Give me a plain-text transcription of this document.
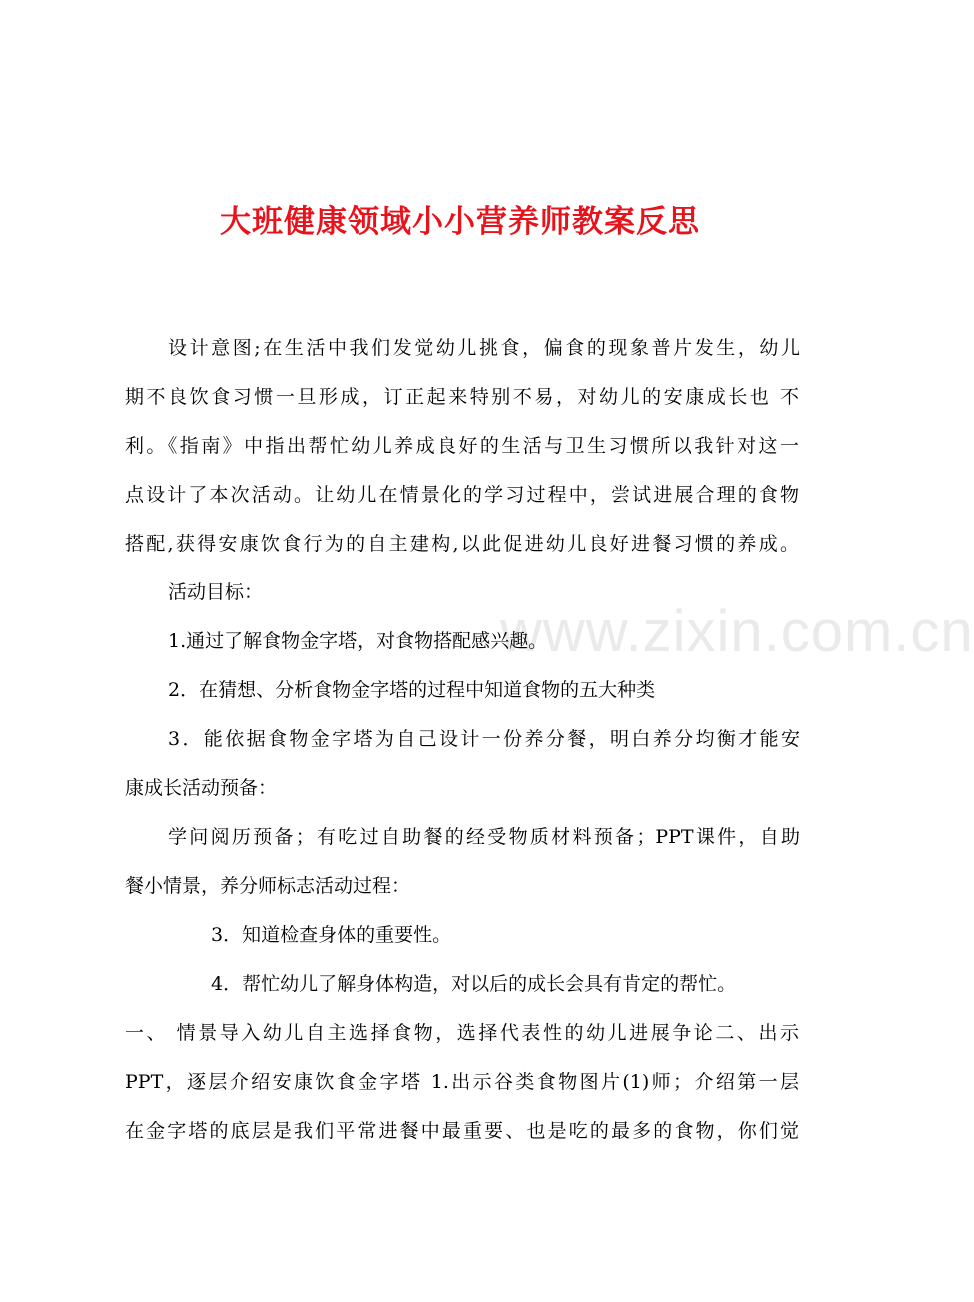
www.zixin.com.cn
大班健康领域小小营养师教案反思

设计意图;在生活中我们发觉幼儿挑食，偏食的现象普片发生，幼儿

期不良饮食习惯一旦形成，订正起来特别不易，对幼儿的安康成长也 不

利。《指南》中指出帮忙幼儿养成良好的生活与卫生习惯所以我针对这一

点设计了本次活动。让幼儿在情景化的学习过程中，尝试进展合理的食物

搭配,获得安康饮食行为的自主建构,以此促进幼儿良好进餐习惯的养成。

活动目标：

1.通过了解食物金字塔，对食物搭配感兴趣。

2．在猜想、分析食物金字塔的过程中知道食物的五大种类

3．能依据食物金字塔为自己设计一份养分餐，明白养分均衡才能安

康成长活动预备：

学问阅历预备；有吃过自助餐的经受物质材料预备；PPT课件，自助

餐小情景，养分师标志活动过程：

3．知道检查身体的重要性。

4．帮忙幼儿了解身体构造，对以后的成长会具有肯定的帮忙。

一、 情景导入幼儿自主选择食物，选择代表性的幼儿进展争论二、出示

PPT，逐层介绍安康饮食金字塔 1.出示谷类食物图片(1)师；介绍第一层

在金字塔的底层是我们平常进餐中最重要、也是吃的最多的食物，你们觉
